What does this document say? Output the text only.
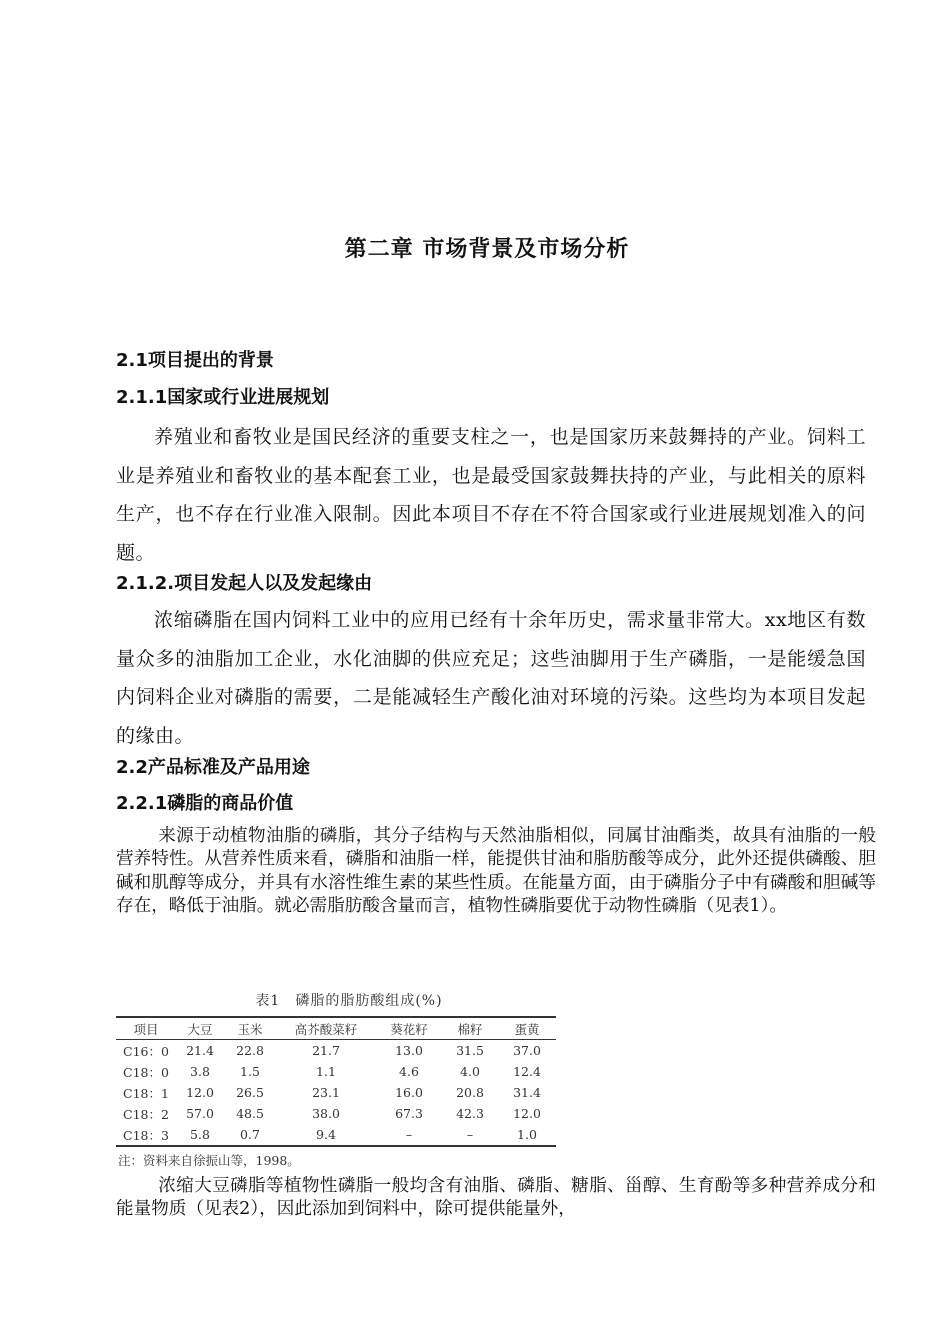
第二章 市场背景及市场分析
2.1项目提出的背景
2.1.1国家或行业进展规划

养殖业和畜牧业是国民经济的重要支柱之一，也是国家历来鼓舞持的产业。饲料工业是养殖业和畜牧业的基本配套工业，也是最受国家鼓舞扶持的产业，与此相关的原料生产，也不存在行业准入限制。因此本项目不存在不符合国家或行业进展规划准入的问题。

2.1.2.项目发起人以及发起缘由

浓缩磷脂在国内饲料工业中的应用已经有十余年历史，需求量非常大。xx地区有数量众多的油脂加工企业，水化油脚的供应充足；这些油脚用于生产磷脂，一是能缓急国内饲料企业对磷脂的需要，二是能减轻生产酸化油对环境的污染。这些均为本项目发起的缘由。

2.2产品标准及产品用途
2.2.1磷脂的商品价值

来源于动植物油脂的磷脂，其分子结构与天然油脂相似，同属甘油酯类，故具有油脂的一般营养特性。从营养性质来看，磷脂和油脂一样，能提供甘油和脂肪酸等成分，此外还提供磷酸、胆碱和肌醇等成分，并具有水溶性维生素的某些性质。在能量方面，由于磷脂分子中有磷酸和胆碱等存在，略低于油脂。就必需脂肪酸含量而言，植物性磷脂要优于动物性磷脂（见表1）。

表1　磷脂的脂肪酸组成(%)
项目	大豆	玉米	高芥酸菜籽	葵花籽	棉籽	蛋黄
C16：0	21.4	22.8	21.7	13.0	31.5	37.0
C18：0	3.8	1.5	1.1	4.6	4.0	12.4
C18：1	12.0	26.5	23.1	16.0	20.8	31.4
C18：2	57.0	48.5	38.0	67.3	42.3	12.0
C18：3	5.8	0.7	9.4	–	–	1.0
注：资料来自徐振山等，1998。

浓缩大豆磷脂等植物性磷脂一般均含有油脂、磷脂、糖脂、甾醇、生育酚等多种营养成分和能量物质（见表2），因此添加到饲料中，除可提供能量外，
